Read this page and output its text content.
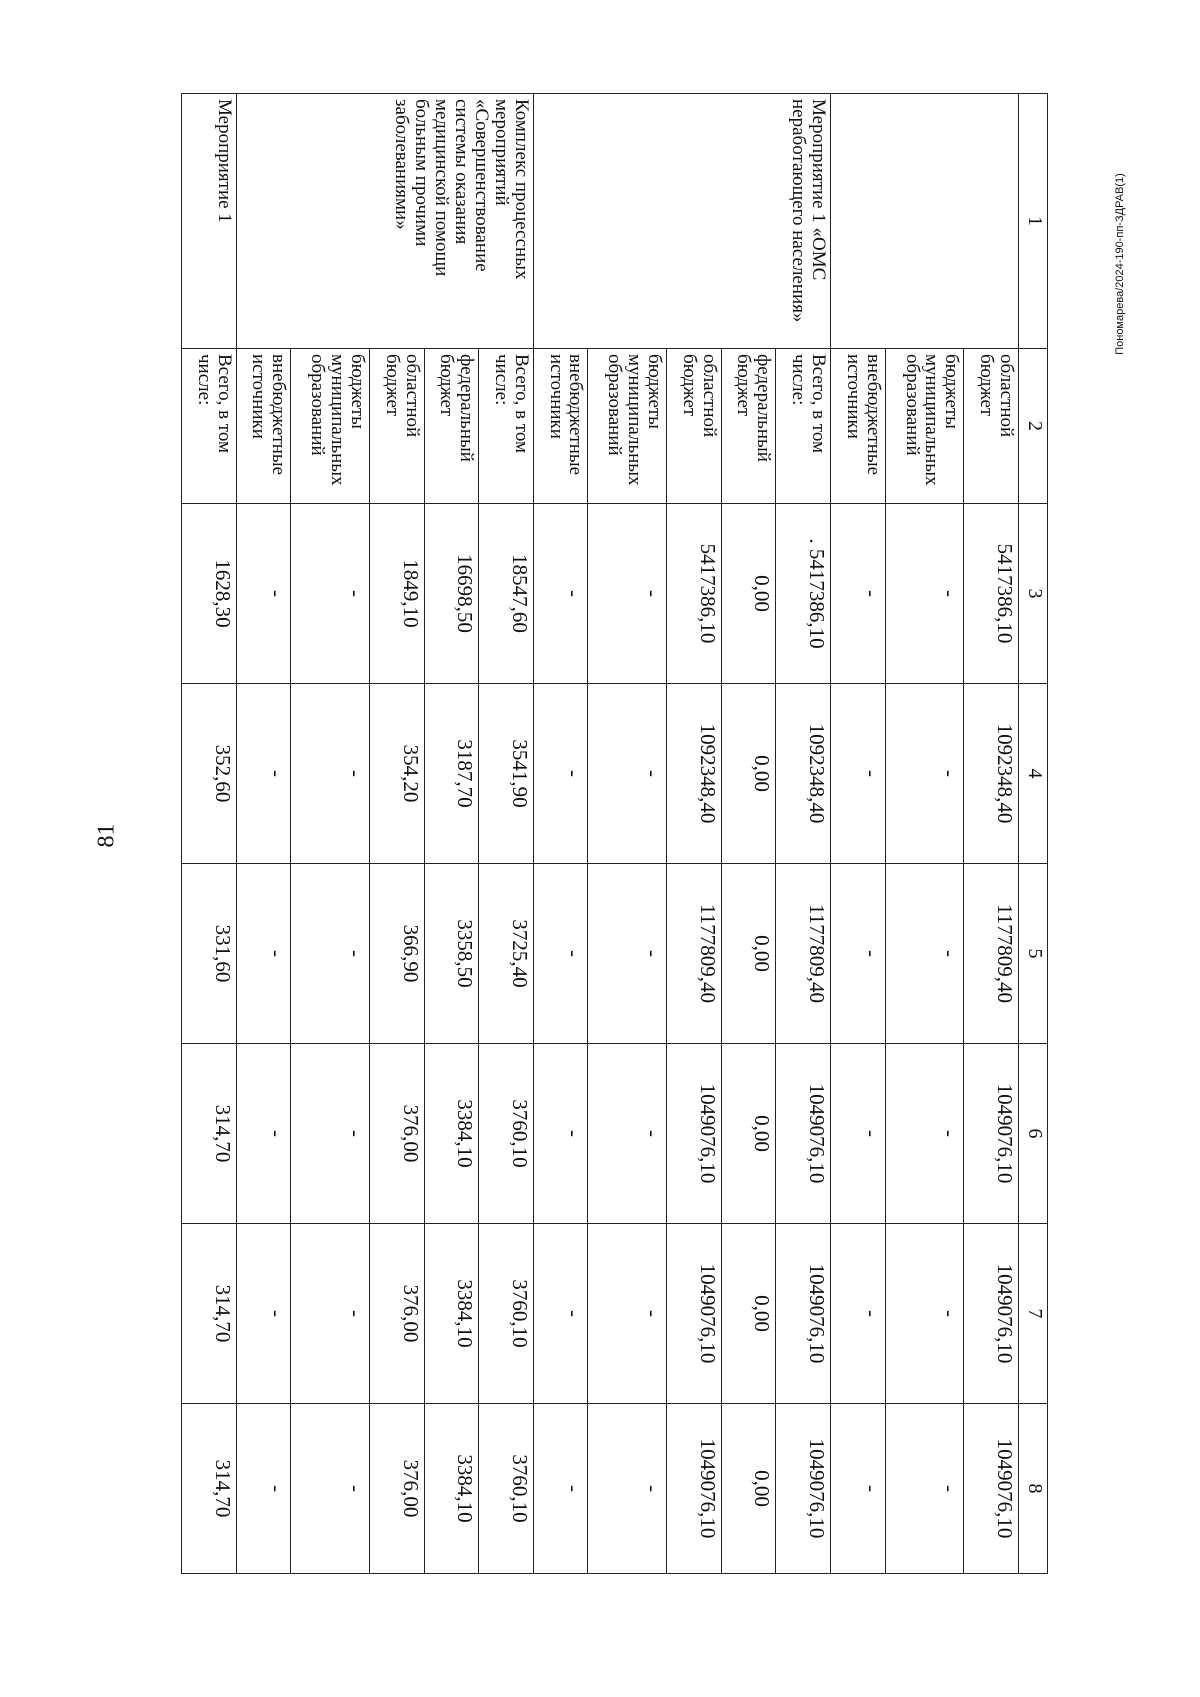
81
Пономарева/2024-190-пп-ЗДРАВ(1)
1	2	3	4	5	6	7	8
	областной бюджет	5417386,10	1092348,40	1177809,40	1049076,10	1049076,10	1049076,10
	бюджеты муниципальных образований	-	-	-	-	-	-
	внебюджетные источники	-	-	-	-	-	-
Мероприятие 1 «ОМС неработающего населения»	Всего, в том числе:	. 5417386,10	1092348,40	1177809,40	1049076,10	1049076,10	1049076,10
	федеральный бюджет	0,00	0,00	0,00	0,00	0,00	0,00
	областной бюджет	5417386,10	1092348,40	1177809,40	1049076,10	1049076,10	1049076,10
	бюджеты муниципальных образований	-	-	-	-	-	-
	внебюджетные источники	-	-	-	-	-	-
Комплекс процессных мероприятий «Совершенствование системы оказания медицинской помощи больным прочими заболеваниями»	Всего, в том числе:	18547,60	3541,90	3725,40	3760,10	3760,10	3760,10
	федеральный бюджет	16698,50	3187,70	3358,50	3384,10	3384,10	3384,10
	областной бюджет	1849,10	354,20	366,90	376,00	376,00	376,00
	бюджеты муниципальных образований	-	-	-	-	-	-
	внебюджетные источники	-	-	-	-	-	-
Мероприятие 1	Всего, в том числе:	1628,30	352,60	331,60	314,70	314,70	314,70
